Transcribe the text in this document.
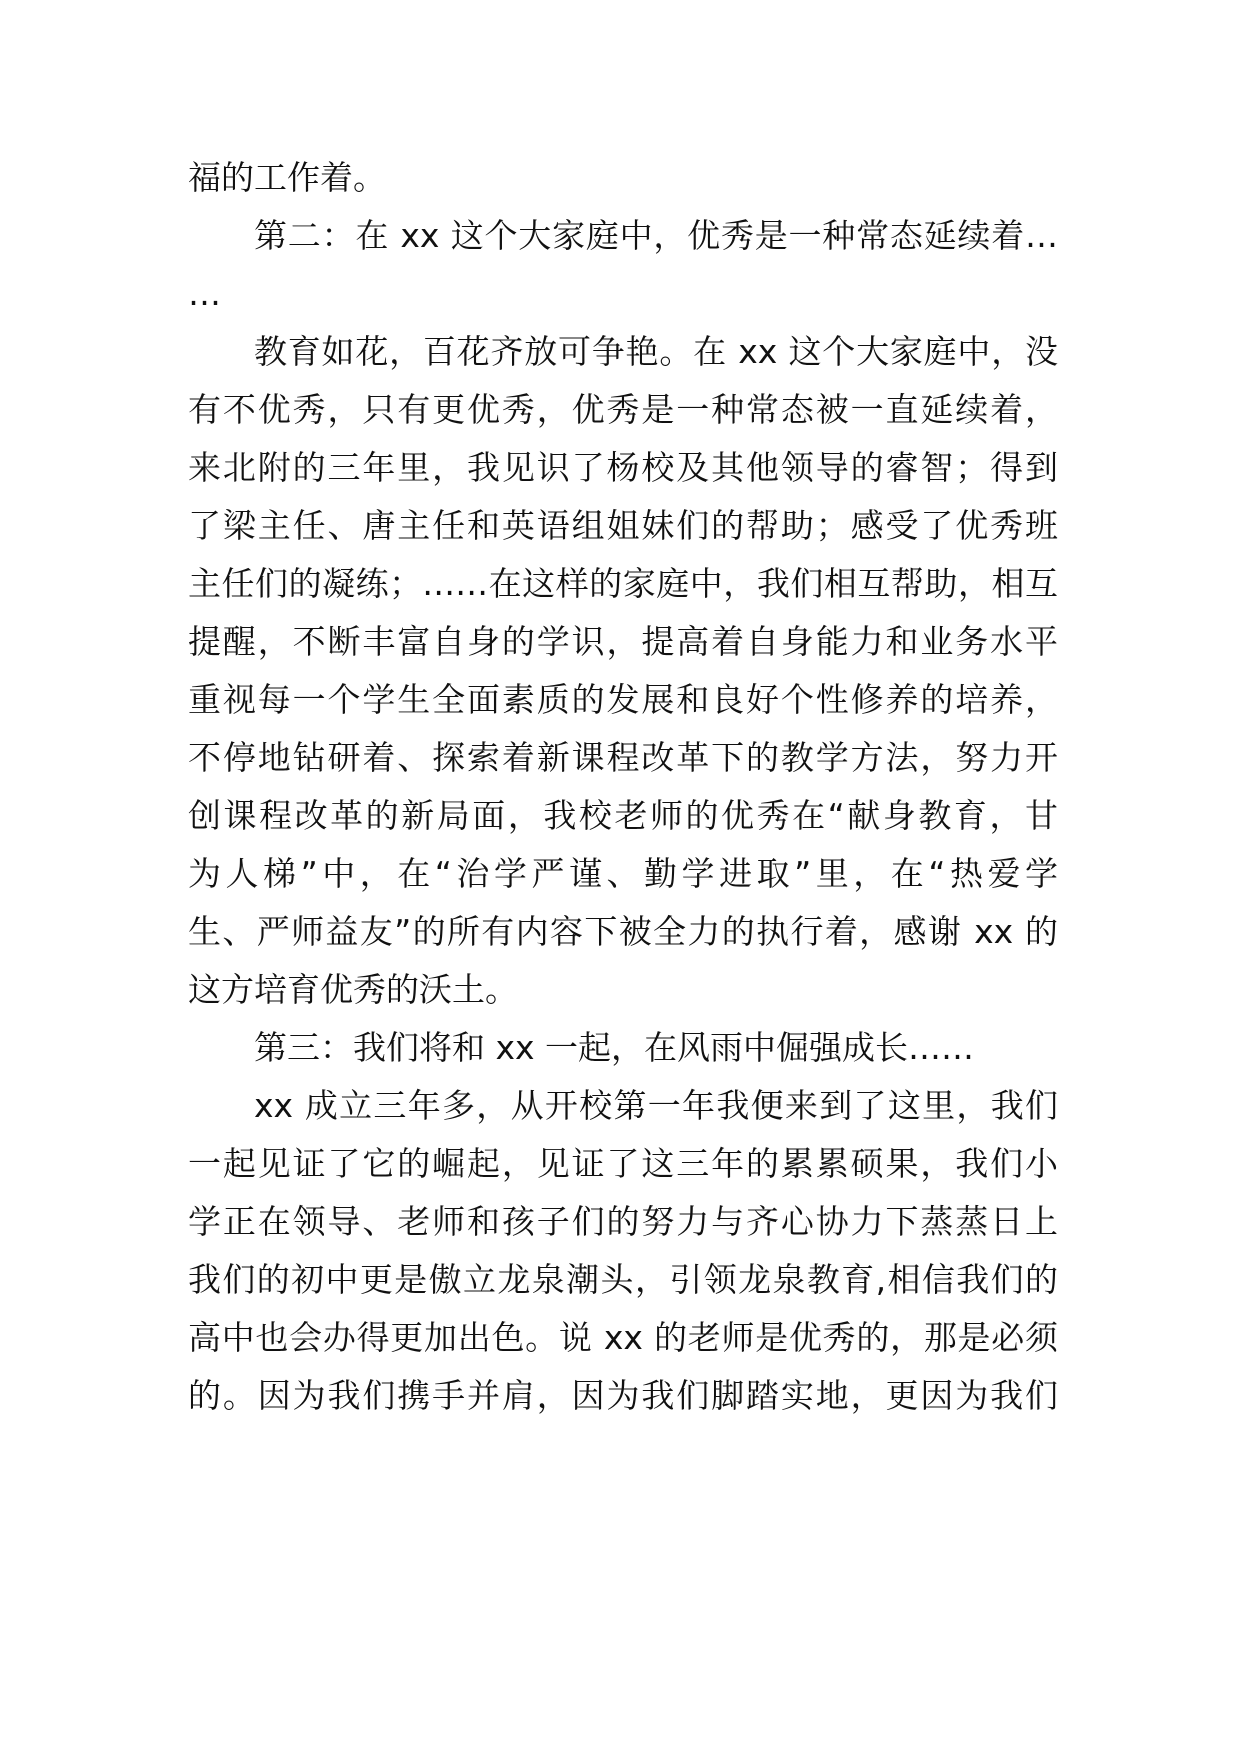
福的工作着。
第二：在 xx 这个大家庭中，优秀是一种常态延续着…
…
教育如花，百花齐放可争艳。在 xx 这个大家庭中，没
有不优秀，只有更优秀，优秀是一种常态被一直延续着，
来北附的三年里，我见识了杨校及其他领导的睿智；得到
了梁主任、唐主任和英语组姐妹们的帮助；感受了优秀班
主任们的凝练；……在这样的家庭中，我们相互帮助，相互
提醒，不断丰富自身的学识，提高着自身能力和业务水平
重视每一个学生全面素质的发展和良好个性修养的培养，
不停地钻研着、探索着新课程改革下的教学方法，努力开
创课程改革的新局面，我校老师的优秀在“献身教育，甘
为人梯”中，在“治学严谨、勤学进取”里，在“热爱学
生、严师益友”的所有内容下被全力的执行着，感谢 xx 的
这方培育优秀的沃土。
第三：我们将和 xx 一起，在风雨中倔强成长……
xx 成立三年多，从开校第一年我便来到了这里，我们
一起见证了它的崛起，见证了这三年的累累硕果，我们小
学正在领导、老师和孩子们的努力与齐心协力下蒸蒸日上
我们的初中更是傲立龙泉潮头，引领龙泉教育,相信我们的
高中也会办得更加出色。说 xx 的老师是优秀的，那是必须
的。因为我们携手并肩，因为我们脚踏实地，更因为我们
